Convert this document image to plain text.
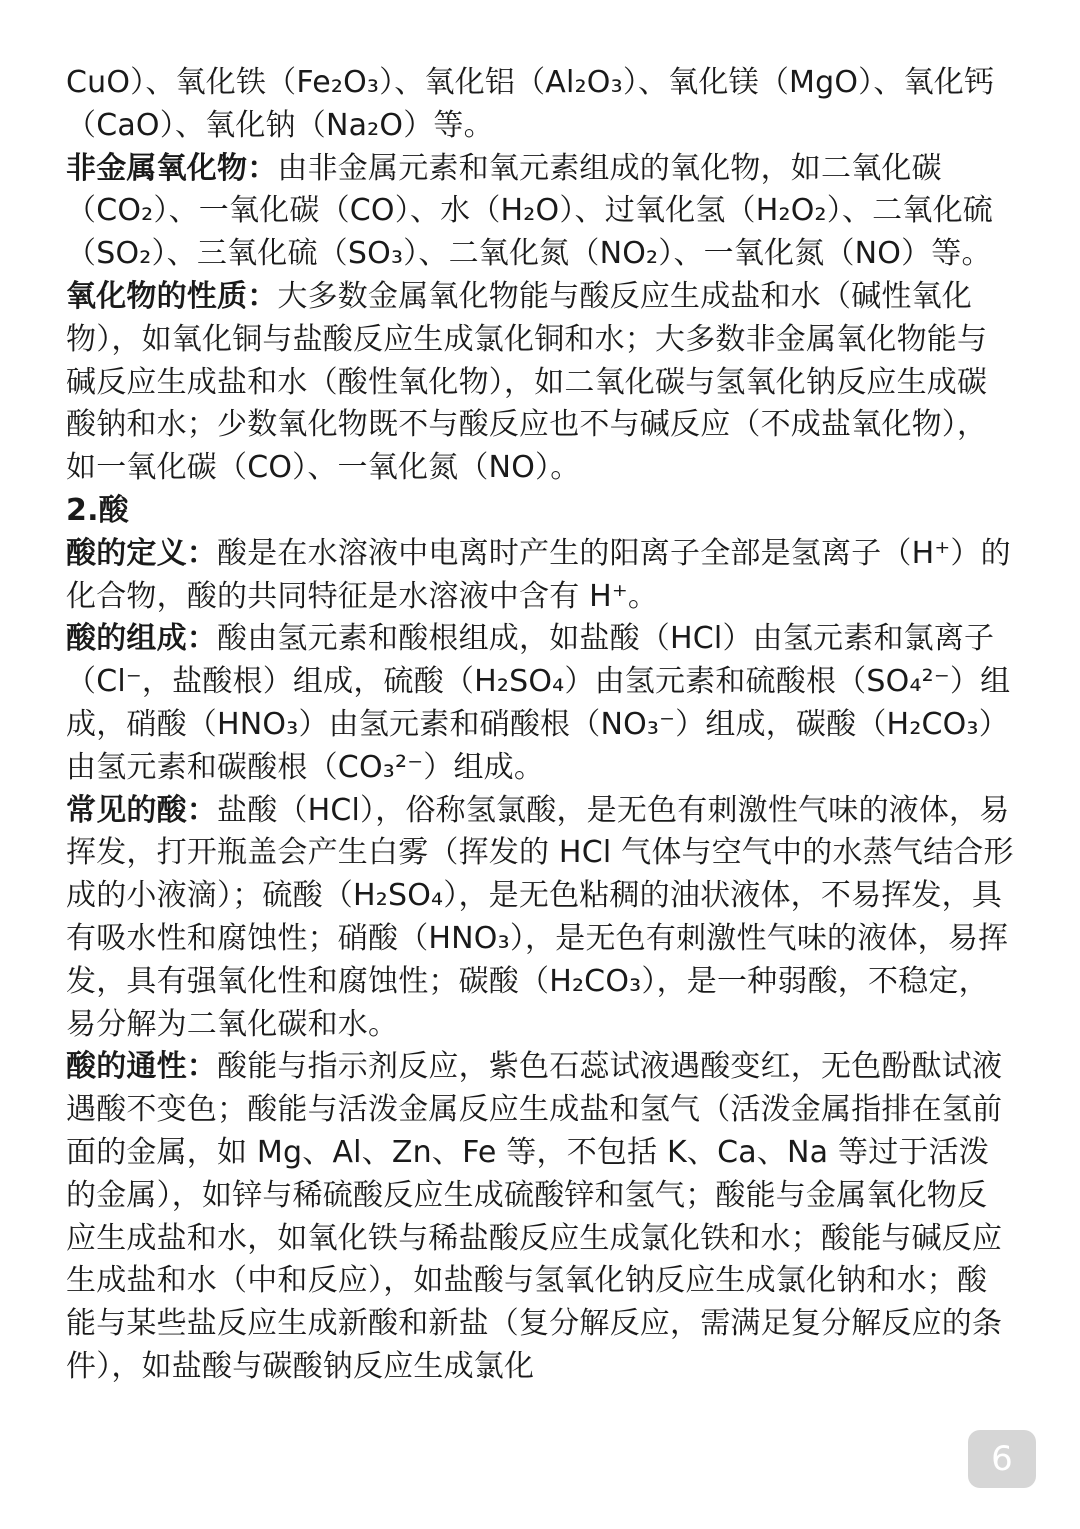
CuO）、氧化铁（Fe₂O₃）、氧化铝（Al₂O₃）、氧化镁（MgO）、氧化钙（CaO）、氧化钠（Na₂O）等。

非金属氧化物：由非金属元素和氧元素组成的氧化物，如二氧化碳（CO₂）、一氧化碳（CO）、水（H₂O）、过氧化氢（H₂O₂）、二氧化硫（SO₂）、三氧化硫（SO₃）、二氧化氮（NO₂）、一氧化氮（NO）等。

氧化物的性质：大多数金属氧化物能与酸反应生成盐和水（碱性氧化物），如氧化铜与盐酸反应生成氯化铜和水；大多数非金属氧化物能与碱反应生成盐和水（酸性氧化物），如二氧化碳与氢氧化钠反应生成碳酸钠和水；少数氧化物既不与酸反应也不与碱反应（不成盐氧化物），如一氧化碳（CO）、一氧化氮（NO）。

2.酸

酸的定义：酸是在水溶液中电离时产生的阳离子全部是氢离子（H⁺）的化合物，酸的共同特征是水溶液中含有 H⁺。

酸的组成：酸由氢元素和酸根组成，如盐酸（HCl）由氢元素和氯离子（Cl⁻，盐酸根）组成，硫酸（H₂SO₄）由氢元素和硫酸根（SO₄²⁻）组成，硝酸（HNO₃）由氢元素和硝酸根（NO₃⁻）组成，碳酸（H₂CO₃）由氢元素和碳酸根（CO₃²⁻）组成。

常见的酸：盐酸（HCl），俗称氢氯酸，是无色有刺激性气味的液体，易挥发，打开瓶盖会产生白雾（挥发的 HCl 气体与空气中的水蒸气结合形成的小液滴）；硫酸（H₂SO₄），是无色粘稠的油状液体，不易挥发，具有吸水性和腐蚀性；硝酸（HNO₃），是无色有刺激性气味的液体，易挥发，具有强氧化性和腐蚀性；碳酸（H₂CO₃），是一种弱酸，不稳定，易分解为二氧化碳和水。

酸的通性：酸能与指示剂反应，紫色石蕊试液遇酸变红，无色酚酞试液遇酸不变色；酸能与活泼金属反应生成盐和氢气（活泼金属指排在氢前面的金属，如 Mg、Al、Zn、Fe 等，不包括 K、Ca、Na 等过于活泼的金属），如锌与稀硫酸反应生成硫酸锌和氢气；酸能与金属氧化物反应生成盐和水，如氧化铁与稀盐酸反应生成氯化铁和水；酸能与碱反应生成盐和水（中和反应），如盐酸与氢氧化钠反应生成氯化钠和水；酸能与某些盐反应生成新酸和新盐（复分解反应，需满足复分解反应的条件），如盐酸与碳酸钠反应生成氯化

6
